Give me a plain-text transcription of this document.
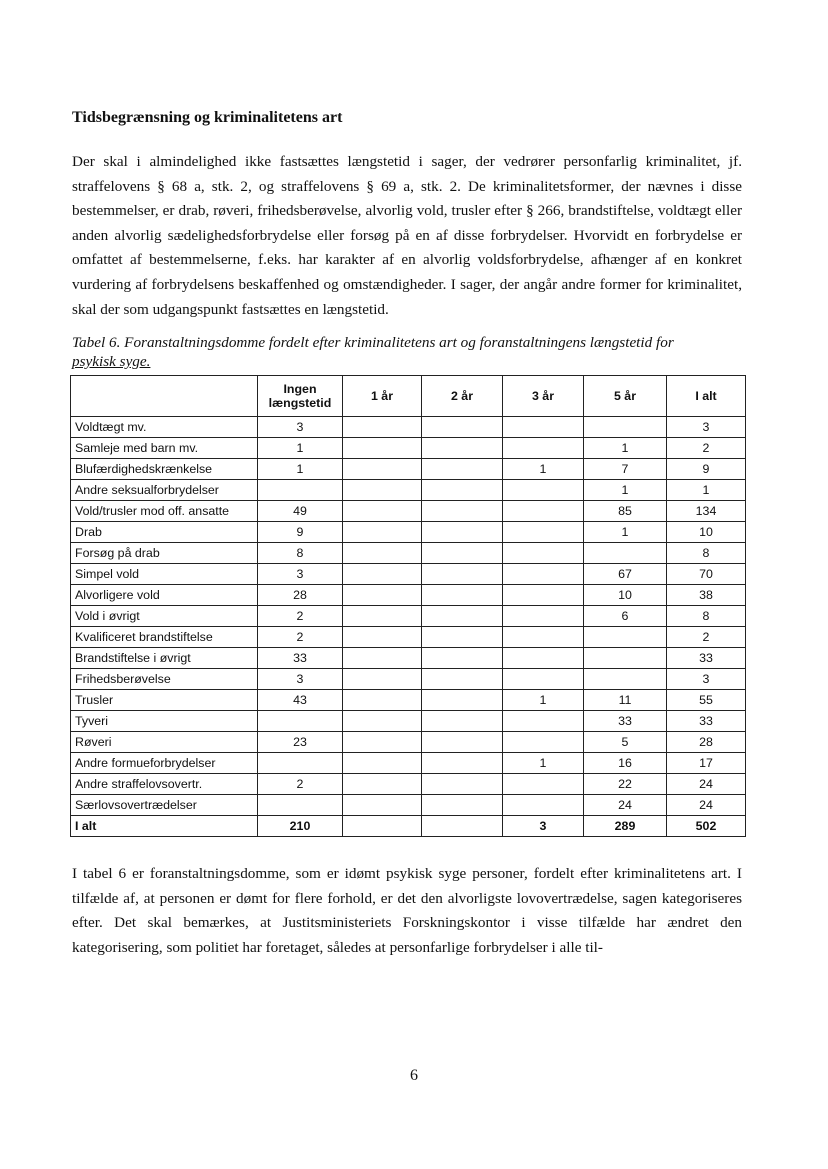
Tidsbegrænsning og kriminalitetens art

Der skal i almindelighed ikke fastsættes længstetid i sager, der vedrører personfarlig kriminalitet, jf. straffelovens § 68 a, stk. 2, og straffelovens § 69 a, stk. 2. De kriminalitetsformer, der nævnes i disse bestemmelser, er drab, røveri, frihedsberøvelse, alvorlig vold, trusler efter § 266, brandstiftelse, voldtægt eller anden alvorlig sædelighedsforbrydelse eller forsøg på en af disse forbrydelser. Hvorvidt en forbrydelse er omfattet af bestemmelserne, f.eks. har karakter af en alvorlig voldsforbrydelse, afhænger af en konkret vurdering af forbrydelsens beskaffenhed og omstændigheder. I sager, der angår andre former for kriminalitet, skal der som udgangspunkt fastsættes en længstetid.

Tabel 6. Foranstaltningsdomme fordelt efter kriminalitetens art og foranstaltningens længstetid for
psykisk syge.

	Ingen længstetid	1 år	2 år	3 år	5 år	I alt
Voldtægt mv.	3					3
Samleje med barn mv.	1				1	2
Blufærdighedskrænkelse	1			1	7	9
Andre seksualforbrydelser					1	1
Vold/trusler mod off. ansatte	49				85	134
Drab	9				1	10
Forsøg på drab	8					8
Simpel vold	3				67	70
Alvorligere vold	28				10	38
Vold i øvrigt	2				6	8
Kvalificeret brandstiftelse	2					2
Brandstiftelse i øvrigt	33					33
Frihedsberøvelse	3					3
Trusler	43			1	11	55
Tyveri					33	33
Røveri	23				5	28
Andre formueforbrydelser				1	16	17
Andre straffelovsovertr.	2				22	24
Særlovsovertrædelser					24	24
I alt	210			3	289	502

I tabel 6 er foranstaltningsdomme, som er idømt psykisk syge personer, fordelt efter kriminalitetens art. I tilfælde af, at personen er dømt for flere forhold, er det den alvorligste lovovertrædelse, sagen kategoriseres efter. Det skal bemærkes, at Justitsministeriets Forskningskontor i visse tilfælde har ændret den kategorisering, som politiet har foretaget, således at personfarlige forbrydelser i alle til-

6
